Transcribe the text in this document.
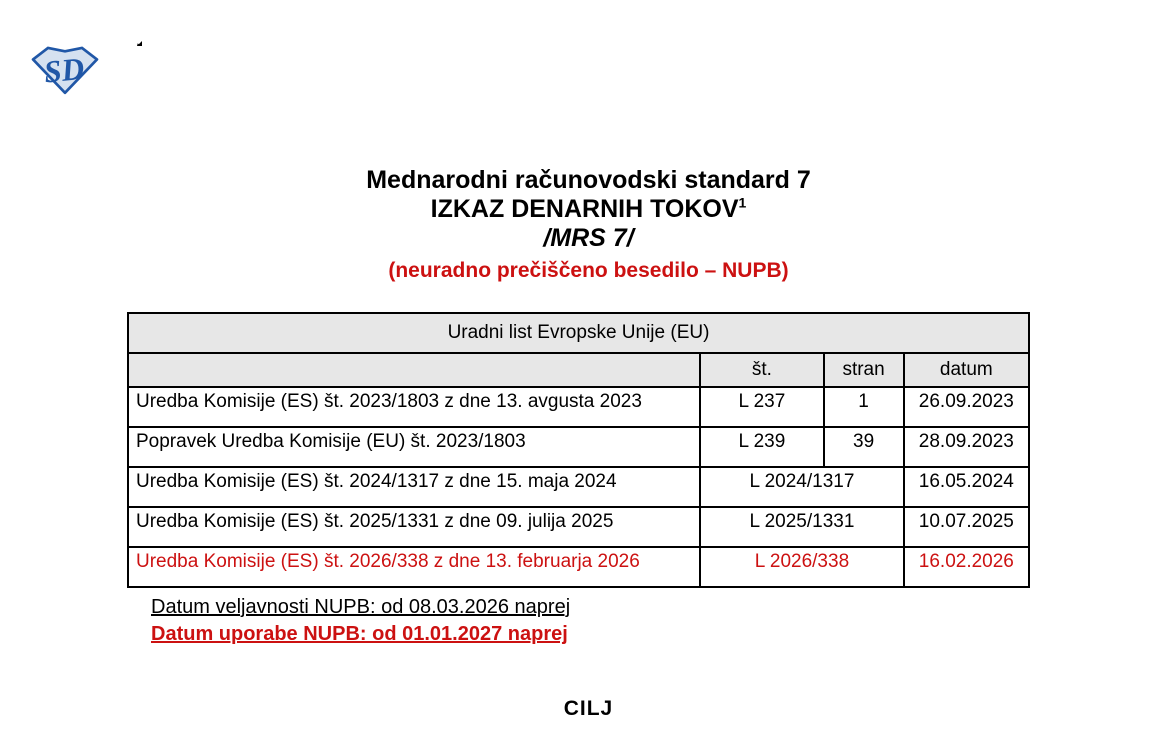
SD
Mednarodni računovodski standard 7
IZKAZ DENARNIH TOKOV$^1$
/MRS 7/
(neuradno prečiščeno besedilo – NUPB)
Uradni list Evropske Unije (EU)			
	št.	stran	datum
Uredba Komisije (ES) št. 2023/1803 z dne 13. avgusta 2023	L 237	1	26.09.2023
Popravek Uredba Komisije (EU) št. 2023/1803	L 239	39	28.09.2023
Uredba Komisije (ES) št. 2024/1317 z dne 15. maja 2024	L 2024/1317		16.05.2024
Uredba Komisije (ES) št. 2025/1331 z dne 09. julija 2025	L 2025/1331		10.07.2025
Uredba Komisije (ES) št. 2026/338 z dne 13. februarja 2026	L 2026/338		16.02.2026
Datum veljavnosti NUPB: od 08.03.2026 naprej
Datum uporabe NUPB: od 01.01.2027 naprej
CILJ
